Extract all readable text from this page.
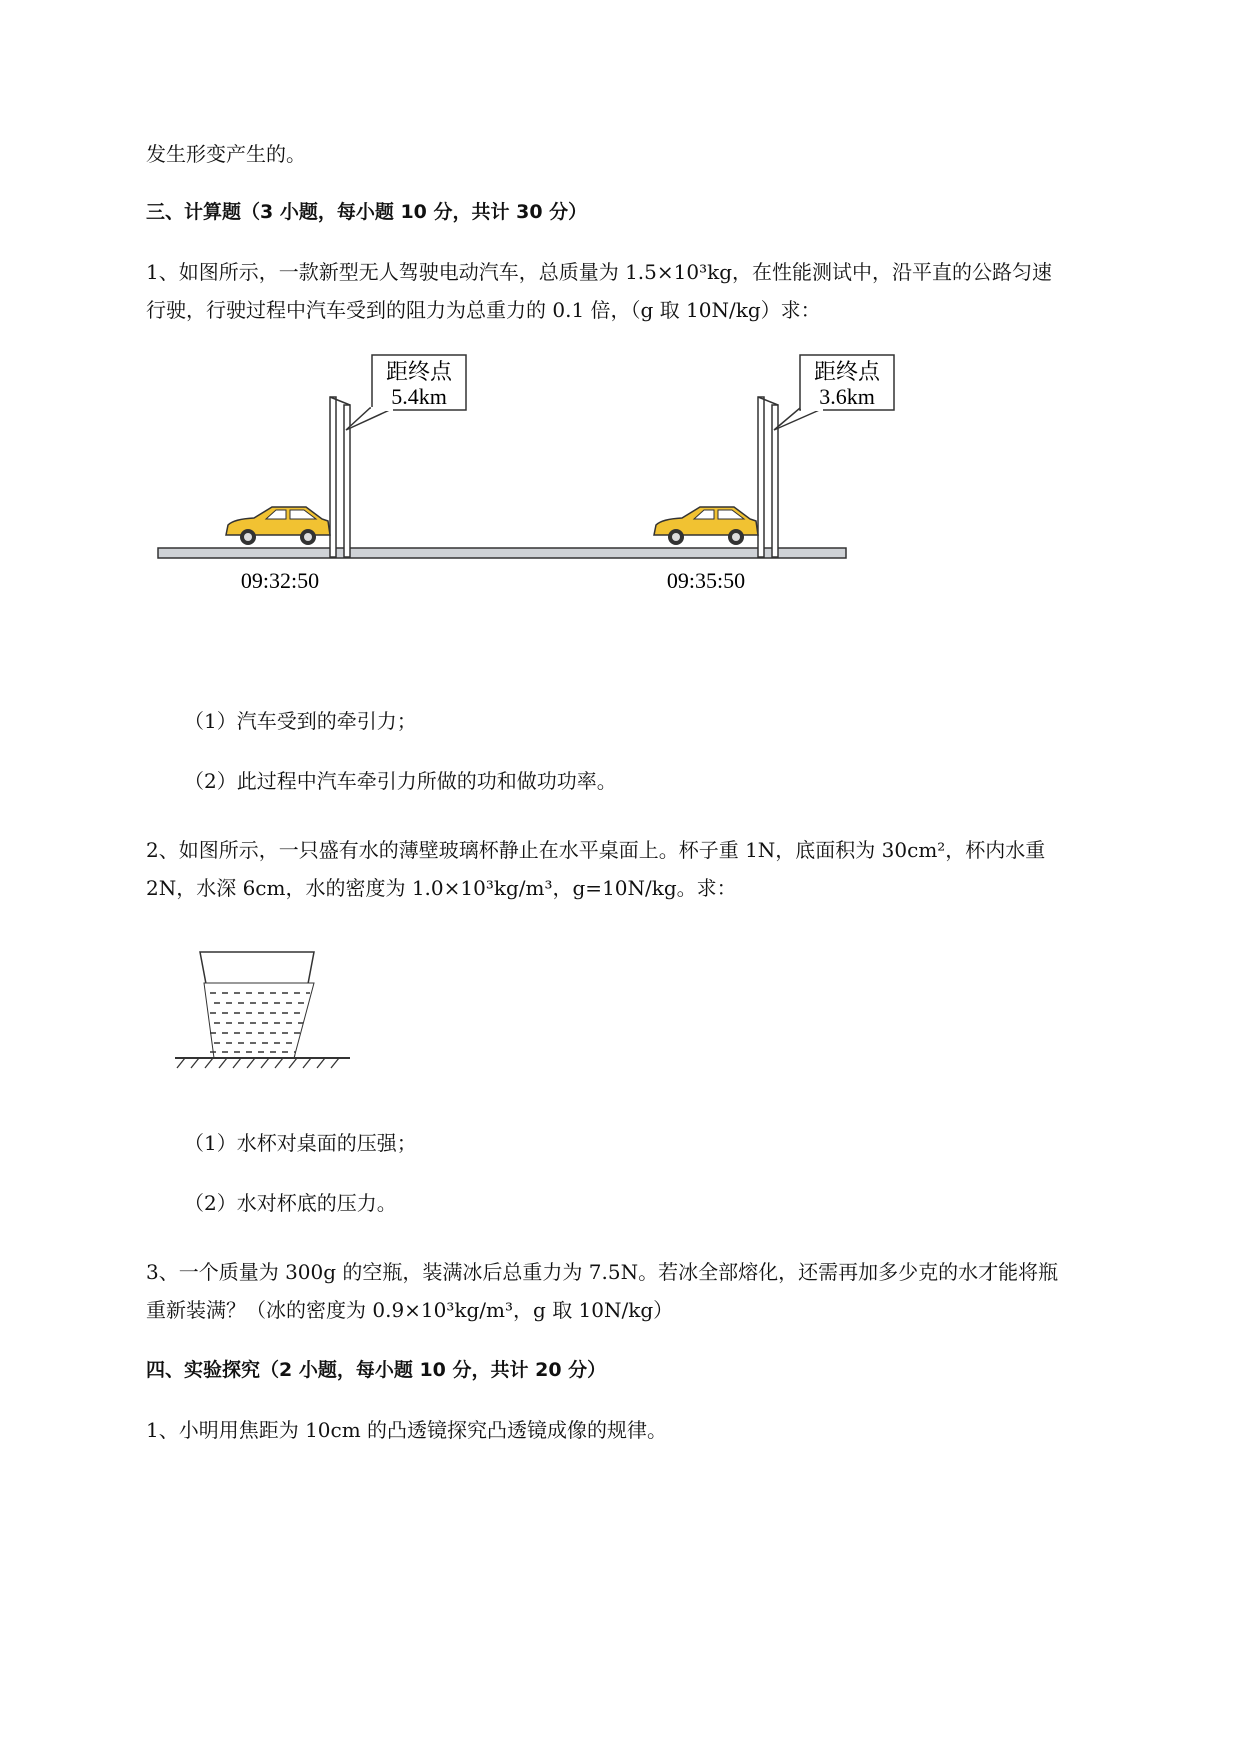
发生形变产生的。
三、计算题（3 小题，每小题 10 分，共计 30 分）
1、如图所示，一款新型无人驾驶电动汽车，总质量为 1.5×10³kg，在性能测试中，沿平直的公路匀速
行驶，行驶过程中汽车受到的阻力为总重力的 0.1 倍，（g 取 10N/kg）求：
距终点
5.4km
距终点
3.6km
09:32:50	09:35:50
（1）汽车受到的牵引力；
（2）此过程中汽车牵引力所做的功和做功功率。
2、如图所示，一只盛有水的薄壁玻璃杯静止在水平桌面上。杯子重 1N，底面积为 30cm²，杯内水重
2N，水深 6cm，水的密度为 1.0×10³kg/m³，g=10N/kg。求：
（1）水杯对桌面的压强；
（2）水对杯底的压力。
3、一个质量为 300g 的空瓶，装满冰后总重力为 7.5N。若冰全部熔化，还需再加多少克的水才能将瓶
重新装满？（冰的密度为 0.9×10³kg/m³，g 取 10N/kg）
四、实验探究（2 小题，每小题 10 分，共计 20 分）
1、小明用焦距为 10cm 的凸透镜探究凸透镜成像的规律。
